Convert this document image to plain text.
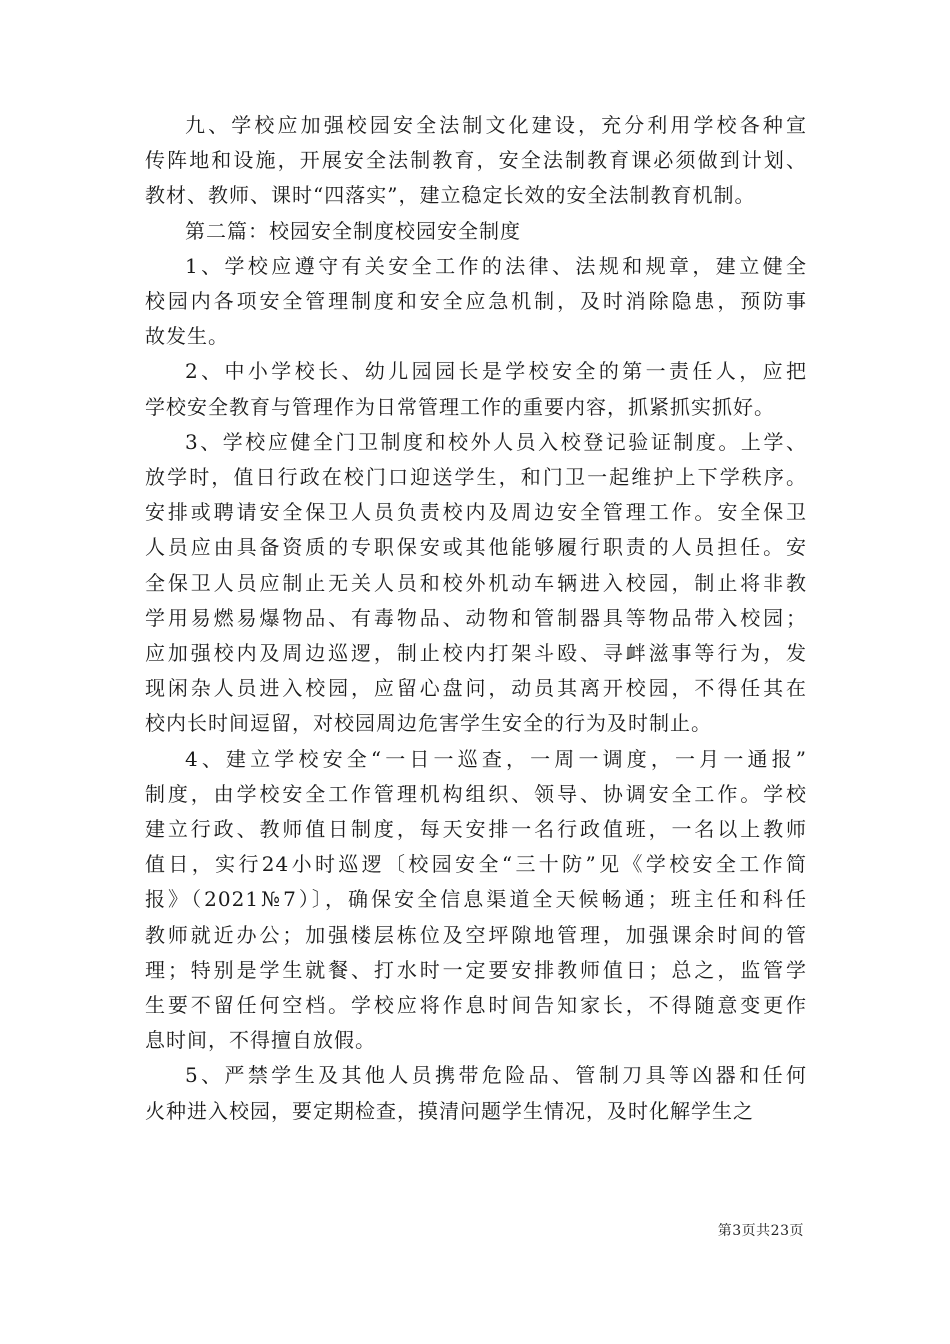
九、学校应加强校园安全法制文化建设，充分利用学校各种宣
传阵地和设施，开展安全法制教育，安全法制教育课必须做到计划、
教材、教师、课时“四落实”，建立稳定长效的安全法制教育机制。

第二篇：校园安全制度校园安全制度

1、学校应遵守有关安全工作的法律、法规和规章，建立健全
校园内各项安全管理制度和安全应急机制，及时消除隐患，预防事
故发生。

2、中小学校长、幼儿园园长是学校安全的第一责任人，应把
学校安全教育与管理作为日常管理工作的重要内容，抓紧抓实抓好。

3、学校应健全门卫制度和校外人员入校登记验证制度。上学、
放学时，值日行政在校门口迎送学生，和门卫一起维护上下学秩序。
安排或聘请安全保卫人员负责校内及周边安全管理工作。安全保卫
人员应由具备资质的专职保安或其他能够履行职责的人员担任。安
全保卫人员应制止无关人员和校外机动车辆进入校园，制止将非教
学用易燃易爆物品、有毒物品、动物和管制器具等物品带入校园；
应加强校内及周边巡逻，制止校内打架斗殴、寻衅滋事等行为，发
现闲杂人员进入校园，应留心盘问，动员其离开校园，不得任其在
校内长时间逗留，对校园周边危害学生安全的行为及时制止。

4、建立学校安全“一日一巡查，一周一调度，一月一通报”
制度，由学校安全工作管理机构组织、领导、协调安全工作。学校
建立行政、教师值日制度，每天安排一名行政值班，一名以上教师
值日，实行24小时巡逻〔校园安全“三十防”见《学校安全工作简
报》（2021№7）〕，确保安全信息渠道全天候畅通；班主任和科任
教师就近办公；加强楼层栋位及空坪隙地管理，加强课余时间的管
理；特别是学生就餐、打水时一定要安排教师值日；总之，监管学
生要不留任何空档。学校应将作息时间告知家长，不得随意变更作
息时间，不得擅自放假。

5、严禁学生及其他人员携带危险品、管制刀具等凶器和任何
火种进入校园，要定期检查，摸清问题学生情况，及时化解学生之

第3页共23页
